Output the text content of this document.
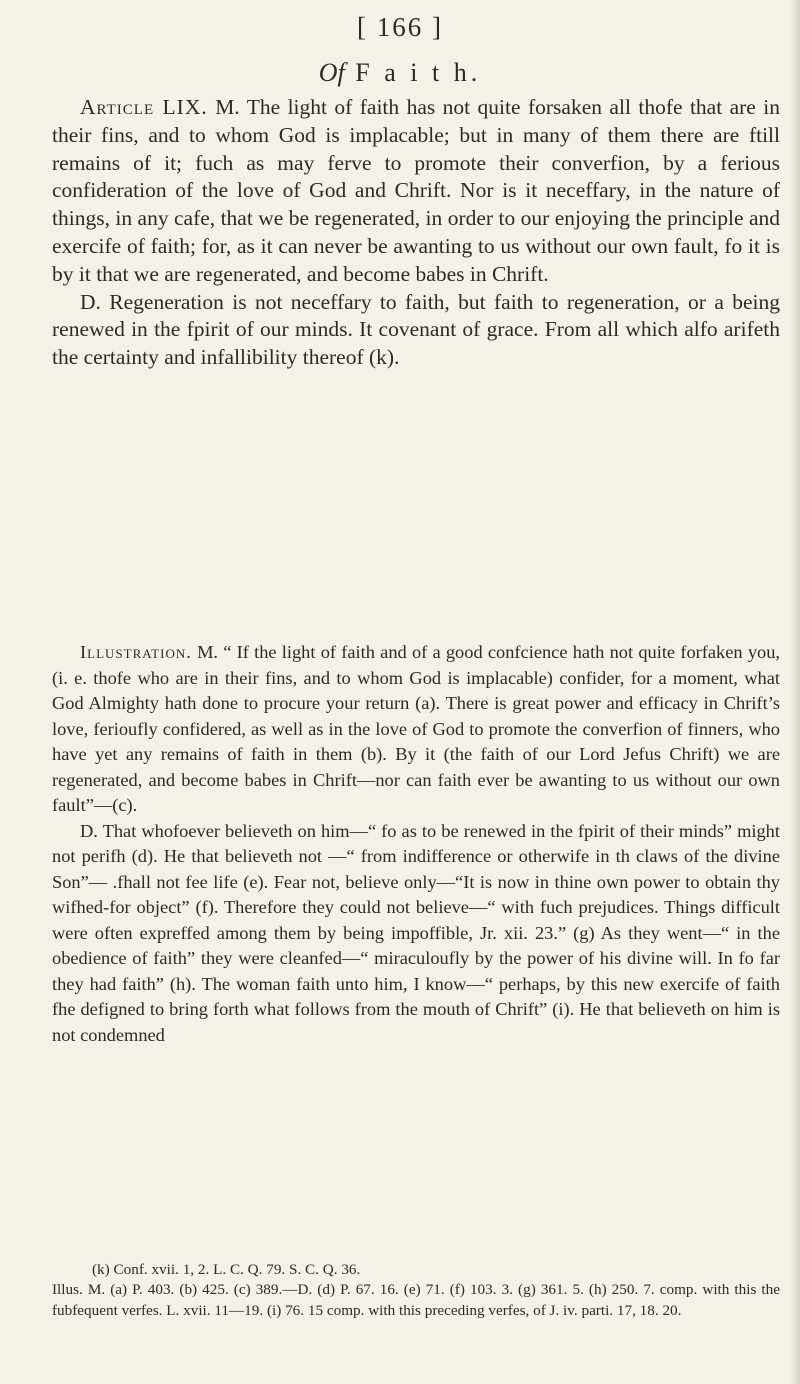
[ 166 ]
Of F a i t h.

Article LIX. M. The light of faith has not quite forsaken all thofe that are in their fins, and to whom God is implacable; but in many of them there are ftill remains of it; fuch as may ferve to promote their converfion, by a ferious confideration of the love of God and Chrift. Nor is it neceffary, in the nature of things, in any cafe, that we be regenerated, in order to our enjoying the principle and exercife of faith; for, as it can never be awanting to us without our own fault, fo it is by it that we are regenerated, and become babes in Chrift.

D. Regeneration is not neceffary to faith, but faith to regeneration, or a being renewed in the fpirit of our minds. It covenant of grace. From all which alfo arifeth the certainty and infallibility thereof (k).

Illustration. M. “ If the light of faith and of a good confcience hath not quite forfaken you, (i. e. thofe who are in their fins, and to whom God is implacable) confider, for a moment, what God Almighty hath done to procure your return (a). There is great power and efficacy in Chrift’s love, ferioufly confidered, as well as in the love of God to promote the converfion of finners, who have yet any remains of faith in them (b). By it (the faith of our Lord Jefus Chrift) we are regenerated, and become babes in Chrift—nor can faith ever be awanting to us without our own fault”—(c).

D. That whofoever believeth on him—“ fo as to be renewed in the fpirit of their minds” might not perifh (d). He that believeth not —“ from indifference or otherwife in th claws of the divine Son”— .fhall not fee life (e). Fear not, believe only—“It is now in thine own power to obtain thy wifhed-for object” (f). Therefore they could not believe—“ with fuch prejudices. Things difficult were often expreffed among them by being impoffible, Jr. xii. 23.” (g) As they went—“ in the obedience of faith” they were cleanfed—“ miraculoufly by the power of his divine will. In fo far they had faith” (h). The woman faith unto him, I know—“ perhaps, by this new exercife of faith fhe defigned to bring forth what follows from the mouth of Chrift” (i). He that believeth on him is not condemned

(k) Conf. xvii. 1, 2. L. C. Q. 79. S. C. Q. 36.

Illus. M. (a) P. 403. (b) 425. (c) 389.—D. (d) P. 67. 16. (e) 71. (f) 103. 3. (g) 361. 5. (h) 250. 7. comp. with this the fubfequent verfes. L. xvii. 11—19. (i) 76. 15 comp. with this preceding verfes, of J. iv. parti. 17, 18. 20.
